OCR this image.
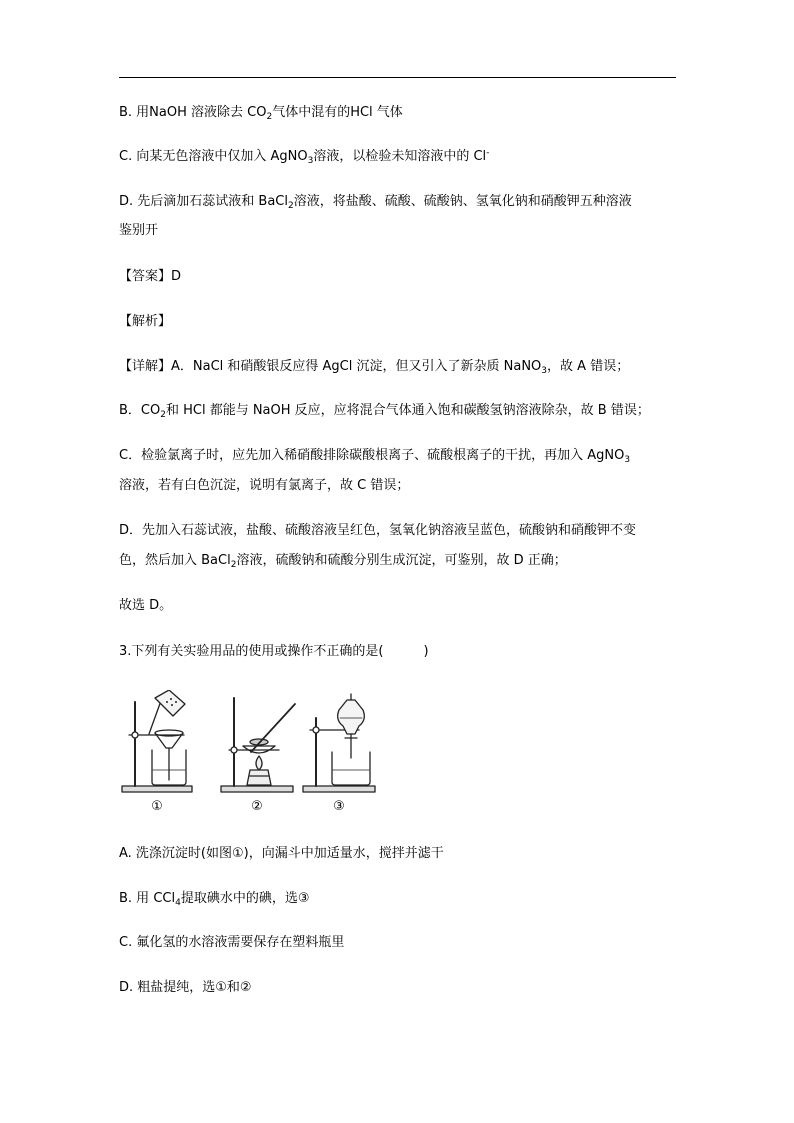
B. 用NaOH 溶液除去 $CO_2$气体中混有的HCl 气体
C. 向某无色溶液中仅加入 AgNO$_3$溶液，以检验未知溶液中的 Cl-
D. 先后滴加石蕊试液和 BaCl$_2$溶液，将盐酸、硫酸、硫酸钠、氢氧化钠和硝酸钾五种溶液
鉴别开
【答案】D
【解析】
【详解】A．NaCl 和硝酸银反应得 AgCl 沉淀，但又引入了新杂质 NaNO$_3$，故 A 错误；
B．$CO_2$和 HCl 都能与 NaOH 反应，应将混合气体通入饱和碳酸氢钠溶液除杂，故 B 错误；
C．检验氯离子时，应先加入稀硝酸排除碳酸根离子、硫酸根离子的干扰，再加入 AgNO$_3$
溶液，若有白色沉淀，说明有氯离子，故 C 错误；
D．先加入石蕊试液，盐酸、硫酸溶液呈红色，氢氧化钠溶液呈蓝色，硫酸钠和硝酸钾不变
色，然后加入 BaCl$_2$溶液，硫酸钠和硫酸分别生成沉淀，可鉴别，故 D 正确；
故选 D。
3.下列有关实验用品的使用或操作不正确的是(	)
①	②	③
A. 洗涤沉淀时(如图①)，向漏斗中加适量水，搅拌并滤干
B. 用 CCl$_4$提取碘水中的碘，选③
C. 氟化氢的水溶液需要保存在塑料瓶里
D. 粗盐提纯，选①和②
